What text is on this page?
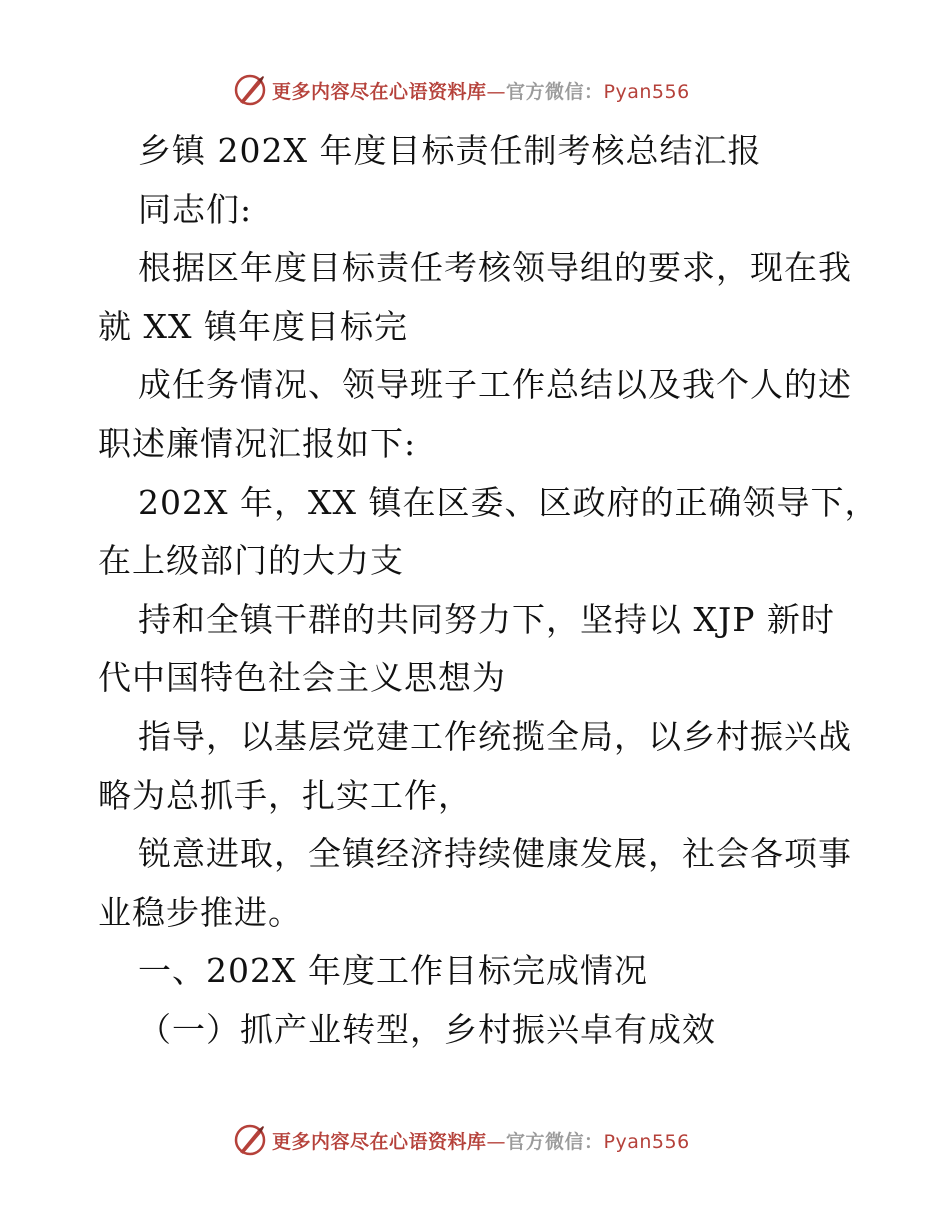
更多内容尽在心语资料库—官方微信：Pyan556
乡镇 202X 年度目标责任制考核总结汇报
同志们:
根据区年度目标责任考核领导组的要求，现在我
就 XX 镇年度目标完
成任务情况、领导班子工作总结以及我个人的述
职述廉情况汇报如下:
202X 年，XX 镇在区委、区政府的正确领导下，
在上级部门的大力支
持和全镇干群的共同努力下，坚持以 XJP 新时
代中国特色社会主义思想为
指导，以基层党建工作统揽全局，以乡村振兴战
略为总抓手，扎实工作，
锐意进取，全镇经济持续健康发展，社会各项事
业稳步推进。
一、202X 年度工作目标完成情况
（一）抓产业转型，乡村振兴卓有成效
更多内容尽在心语资料库—官方微信：Pyan556
